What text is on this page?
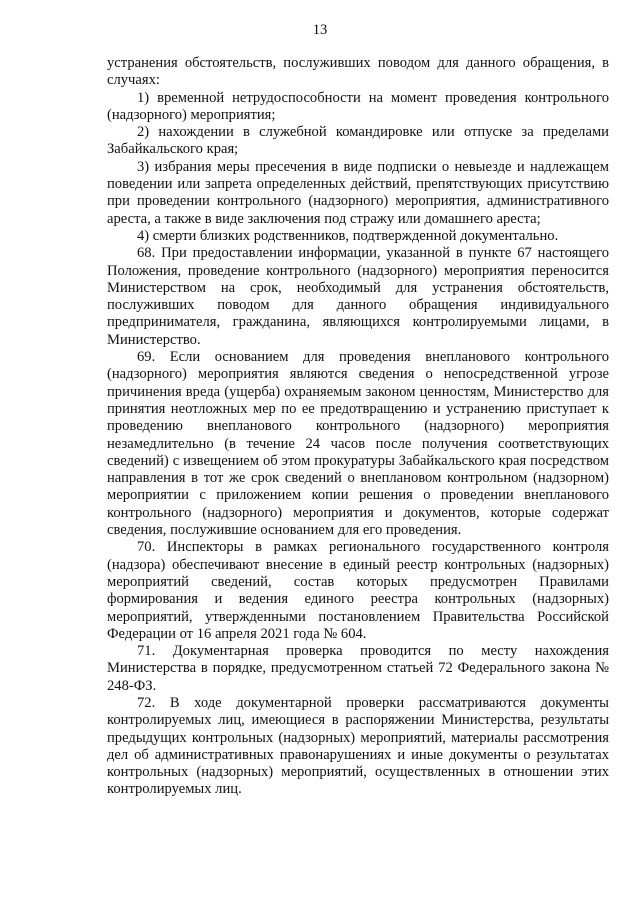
13

устранения обстоятельств, послуживших поводом для данного обращения, в случаях:

1) временной нетрудоспособности на момент проведения контрольного (надзорного) мероприятия;

2) нахождении в служебной командировке или отпуске за пределами Забайкальского края;

3) избрания меры пресечения в виде подписки о невыезде и надлежащем поведении или запрета определенных действий, препятствующих присутствию при проведении контрольного (надзорного) мероприятия, административного ареста, а также в виде заключения под стражу или домашнего ареста;

4) смерти близких родственников, подтвержденной документально.

68. При предоставлении информации, указанной в пункте 67 настоящего Положения, проведение контрольного (надзорного) мероприятия переносится Министерством на срок, необходимый для устранения обстоятельств, послуживших поводом для данного обращения индивидуального предпринимателя, гражданина, являющихся контролируемыми лицами, в Министерство.

69. Если основанием для проведения внепланового контрольного (надзорного) мероприятия являются сведения о непосредственной угрозе причинения вреда (ущерба) охраняемым законом ценностям, Министерство для принятия неотложных мер по ее предотвращению и устранению приступает к проведению внепланового контрольного (надзорного) мероприятия незамедлительно (в течение 24 часов после получения соответствующих сведений) с извещением об этом прокуратуры Забайкальского края посредством направления в тот же срок сведений о внеплановом контрольном (надзорном) мероприятии с приложением копии решения о проведении внепланового контрольного (надзорного) мероприятия и документов, которые содержат сведения, послужившие основанием для его проведения.

70. Инспекторы в рамках регионального государственного контроля (надзора) обеспечивают внесение в единый реестр контрольных (надзорных) мероприятий сведений, состав которых предусмотрен Правилами формирования и ведения единого реестра контрольных (надзорных) мероприятий, утвержденными постановлением Правительства Российской Федерации от 16 апреля 2021 года № 604.

71. Документарная проверка проводится по месту нахождения Министерства в порядке, предусмотренном статьей 72 Федерального закона № 248-ФЗ.

72. В ходе документарной проверки рассматриваются документы контролируемых лиц, имеющиеся в распоряжении Министерства, результаты предыдущих контрольных (надзорных) мероприятий, материалы рассмотрения дел об административных правонарушениях и иные документы о результатах контрольных (надзорных) мероприятий, осуществленных в отношении этих контролируемых лиц.
